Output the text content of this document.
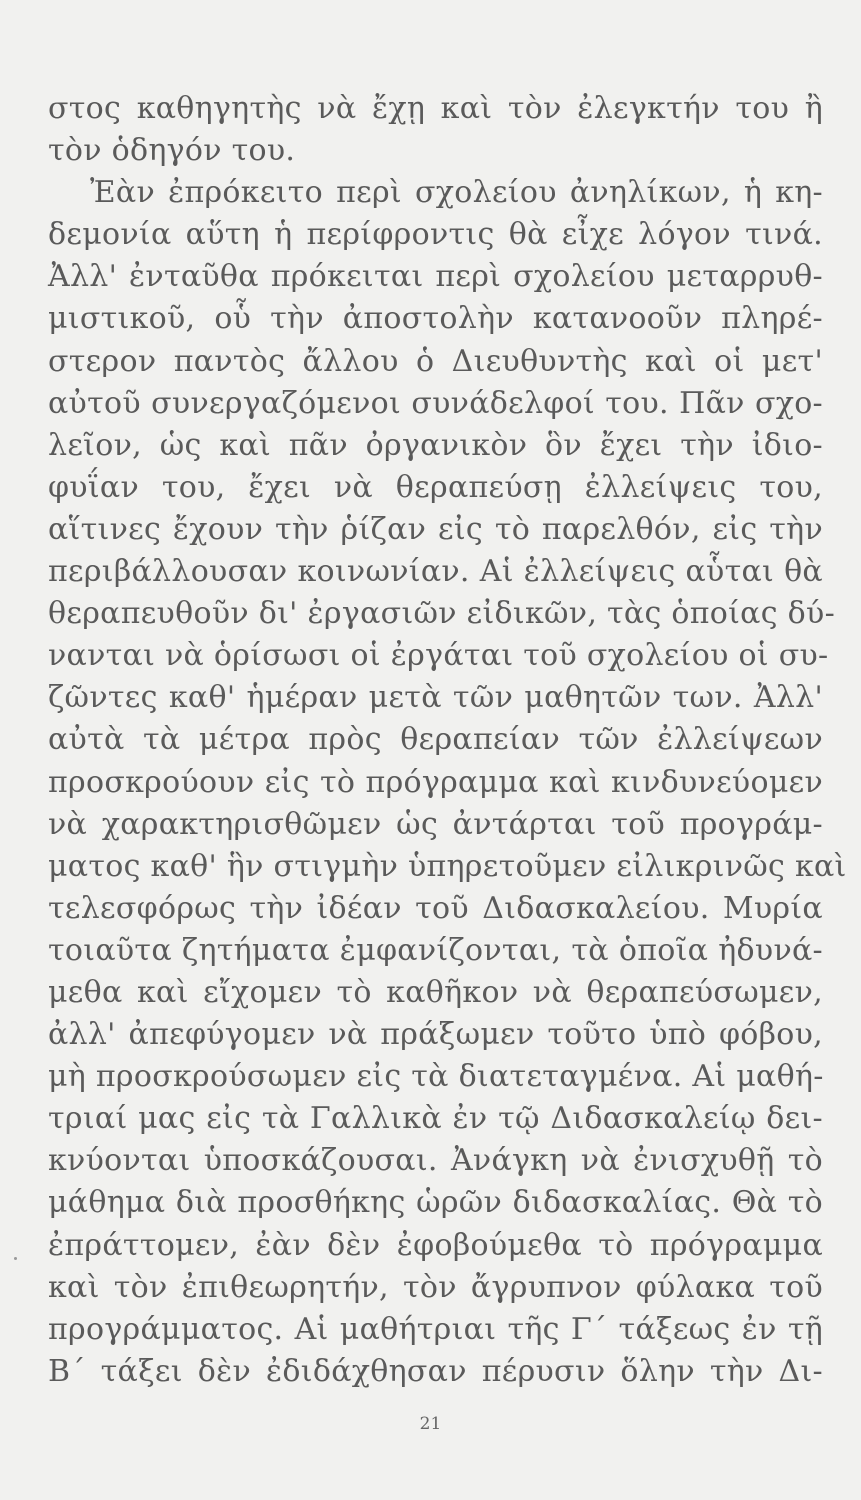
στος καθηγητὴς νὰ ἔχῃ καὶ τὸν ἐλεγκτήν του ἢ
τὸν ὁδηγόν του.
Ἐὰν ἐπρόκειτο περὶ σχολείου ἀνηλίκων, ἡ κη-
δεμονία αὕτη ἡ περίφροντις θὰ εἶχε λόγον τινά.
Ἀλλ' ἐνταῦθα πρόκειται περὶ σχολείου μεταρρυθ-
μιστικοῦ, οὗ τὴν ἀποστολὴν κατανοοῦν πληρέ-
στερον παντὸς ἄλλου ὁ Διευθυντὴς καὶ οἱ μετ'
αὐτοῦ συνεργαζόμενοι συνάδελφοί του. Πᾶν σχο-
λεῖον, ὡς καὶ πᾶν ὀργανικὸν ὃν ἔχει τὴν ἰδιο-
φυΐαν του, ἔχει νὰ θεραπεύσῃ ἐλλείψεις του,
αἵτινες ἔχουν τὴν ῥίζαν εἰς τὸ παρελθόν, εἰς τὴν
περιβάλλουσαν κοινωνίαν. Αἱ ἐλλείψεις αὗται θὰ
θεραπευθοῦν δι' ἐργασιῶν εἰδικῶν, τὰς ὁποίας δύ-
νανται νὰ ὁρίσωσι οἱ ἐργάται τοῦ σχολείου οἱ συ-
ζῶντες καθ' ἡμέραν μετὰ τῶν μαθητῶν των. Ἀλλ'
αὐτὰ τὰ μέτρα πρὸς θεραπείαν τῶν ἐλλείψεων
προσκρούουν εἰς τὸ πρόγραμμα καὶ κινδυνεύομεν
νὰ χαρακτηρισθῶμεν ὡς ἀντάρται τοῦ προγράμ-
ματος καθ' ἣν στιγμὴν ὑπηρετοῦμεν εἰλικρινῶς καὶ
τελεσφόρως τὴν ἰδέαν τοῦ Διδασκαλείου. Μυρία
τοιαῦτα ζητήματα ἐμφανίζονται, τὰ ὁποῖα ἠδυνά-
μεθα καὶ εἴχομεν τὸ καθῆκον νὰ θεραπεύσωμεν,
ἀλλ' ἀπεφύγομεν νὰ πράξωμεν τοῦτο ὑπὸ φόβου,
μὴ προσκρούσωμεν εἰς τὰ διατεταγμένα. Αἱ μαθή-
τριαί μας εἰς τὰ Γαλλικὰ ἐν τῷ Διδασκαλείῳ δει-
κνύονται ὑποσκάζουσαι. Ἀνάγκη νὰ ἐνισχυθῇ τὸ
μάθημα διὰ προσθήκης ὡρῶν διδασκαλίας. Θὰ τὸ
ἐπράττομεν, ἐὰν δὲν ἐφοβούμεθα τὸ πρόγραμμα
καὶ τὸν ἐπιθεωρητήν, τὸν ἄγρυπνον φύλακα τοῦ
προγράμματος. Αἱ μαθήτριαι τῆς Γ΄ τάξεως ἐν τῇ
Β΄ τάξει δὲν ἐδιδάχθησαν πέρυσιν ὅλην τὴν Δι-
21
